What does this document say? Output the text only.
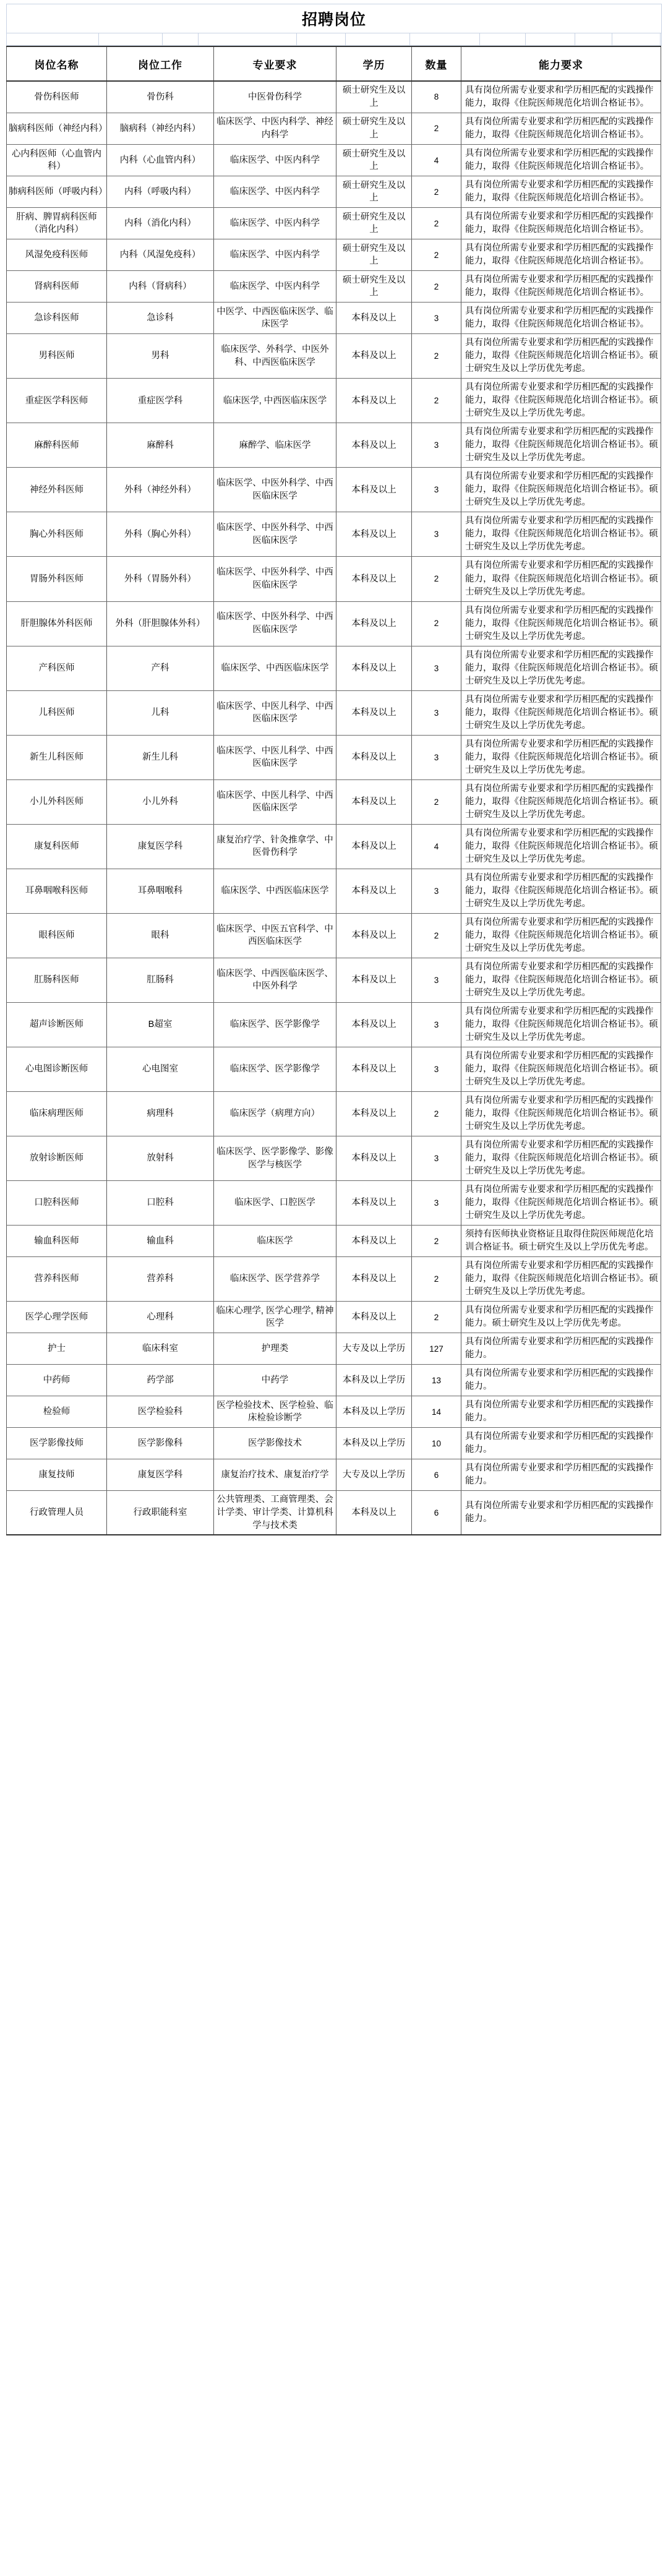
招聘岗位
岗位名称	岗位工作	专业要求	学历	数量	能力要求
骨伤科医师	骨伤科	中医骨伤科学	硕士研究生及以上	8	具有岗位所需专业要求和学历相匹配的实践操作能力，取得《住院医师规范化培训合格证书》。
脑病科医师（神经内科）	脑病科（神经内科）	临床医学、中医内科学、神经内科学	硕士研究生及以上	2	具有岗位所需专业要求和学历相匹配的实践操作能力，取得《住院医师规范化培训合格证书》。
心内科医师（心血管内科）	内科（心血管内科）	临床医学、中医内科学	硕士研究生及以上	4	具有岗位所需专业要求和学历相匹配的实践操作能力，取得《住院医师规范化培训合格证书》。
肺病科医师（呼吸内科）	内科（呼吸内科）	临床医学、中医内科学	硕士研究生及以上	2	具有岗位所需专业要求和学历相匹配的实践操作能力，取得《住院医师规范化培训合格证书》。
肝病、脾胃病科医师（消化内科）	内科（消化内科）	临床医学、中医内科学	硕士研究生及以上	2	具有岗位所需专业要求和学历相匹配的实践操作能力，取得《住院医师规范化培训合格证书》。
风湿免疫科医师	内科（风湿免疫科）	临床医学、中医内科学	硕士研究生及以上	2	具有岗位所需专业要求和学历相匹配的实践操作能力，取得《住院医师规范化培训合格证书》。
肾病科医师	内科（肾病科）	临床医学、中医内科学	硕士研究生及以上	2	具有岗位所需专业要求和学历相匹配的实践操作能力，取得《住院医师规范化培训合格证书》。
急诊科医师	急诊科	中医学、中西医临床医学、临床医学	本科及以上	3	具有岗位所需专业要求和学历相匹配的实践操作能力，取得《住院医师规范化培训合格证书》。
男科医师	男科	临床医学、外科学、中医外科、中西医临床医学	本科及以上	2	具有岗位所需专业要求和学历相匹配的实践操作能力，取得《住院医师规范化培训合格证书》。硕士研究生及以上学历优先考虑。
重症医学科医师	重症医学科	临床医学, 中西医临床医学	本科及以上	2	具有岗位所需专业要求和学历相匹配的实践操作能力，取得《住院医师规范化培训合格证书》。硕士研究生及以上学历优先考虑。
麻醉科医师	麻醉科	麻醉学、临床医学	本科及以上	3	具有岗位所需专业要求和学历相匹配的实践操作能力，取得《住院医师规范化培训合格证书》。硕士研究生及以上学历优先考虑。
神经外科医师	外科（神经外科）	临床医学、中医外科学、中西医临床医学	本科及以上	3	具有岗位所需专业要求和学历相匹配的实践操作能力，取得《住院医师规范化培训合格证书》。硕士研究生及以上学历优先考虑。
胸心外科医师	外科（胸心外科）	临床医学、中医外科学、中西医临床医学	本科及以上	3	具有岗位所需专业要求和学历相匹配的实践操作能力，取得《住院医师规范化培训合格证书》。硕士研究生及以上学历优先考虑。
胃肠外科医师	外科（胃肠外科）	临床医学、中医外科学、中西医临床医学	本科及以上	2	具有岗位所需专业要求和学历相匹配的实践操作能力，取得《住院医师规范化培训合格证书》。硕士研究生及以上学历优先考虑。
肝胆腺体外科医师	外科（肝胆腺体外科）	临床医学、中医外科学、中西医临床医学	本科及以上	2	具有岗位所需专业要求和学历相匹配的实践操作能力，取得《住院医师规范化培训合格证书》。硕士研究生及以上学历优先考虑。
产科医师	产科	临床医学、中西医临床医学	本科及以上	3	具有岗位所需专业要求和学历相匹配的实践操作能力，取得《住院医师规范化培训合格证书》。硕士研究生及以上学历优先考虑。
儿科医师	儿科	临床医学、中医儿科学、中西医临床医学	本科及以上	3	具有岗位所需专业要求和学历相匹配的实践操作能力，取得《住院医师规范化培训合格证书》。硕士研究生及以上学历优先考虑。
新生儿科医师	新生儿科	临床医学、中医儿科学、中西医临床医学	本科及以上	3	具有岗位所需专业要求和学历相匹配的实践操作能力，取得《住院医师规范化培训合格证书》。硕士研究生及以上学历优先考虑。
小儿外科医师	小儿外科	临床医学、中医儿科学、中西医临床医学	本科及以上	2	具有岗位所需专业要求和学历相匹配的实践操作能力，取得《住院医师规范化培训合格证书》。硕士研究生及以上学历优先考虑。
康复科医师	康复医学科	康复治疗学、针灸推拿学、中医骨伤科学	本科及以上	4	具有岗位所需专业要求和学历相匹配的实践操作能力，取得《住院医师规范化培训合格证书》。硕士研究生及以上学历优先考虑。
耳鼻咽喉科医师	耳鼻咽喉科	临床医学、中西医临床医学	本科及以上	3	具有岗位所需专业要求和学历相匹配的实践操作能力，取得《住院医师规范化培训合格证书》。硕士研究生及以上学历优先考虑。
眼科医师	眼科	临床医学、中医五官科学、中西医临床医学	本科及以上	2	具有岗位所需专业要求和学历相匹配的实践操作能力，取得《住院医师规范化培训合格证书》。硕士研究生及以上学历优先考虑。
肛肠科医师	肛肠科	临床医学、中西医临床医学、中医外科学	本科及以上	3	具有岗位所需专业要求和学历相匹配的实践操作能力，取得《住院医师规范化培训合格证书》。硕士研究生及以上学历优先考虑。
超声诊断医师	B超室	临床医学、医学影像学	本科及以上	3	具有岗位所需专业要求和学历相匹配的实践操作能力，取得《住院医师规范化培训合格证书》。硕士研究生及以上学历优先考虑。
心电图诊断医师	心电图室	临床医学、医学影像学	本科及以上	3	具有岗位所需专业要求和学历相匹配的实践操作能力，取得《住院医师规范化培训合格证书》。硕士研究生及以上学历优先考虑。
临床病理医师	病理科	临床医学（病理方向）	本科及以上	2	具有岗位所需专业要求和学历相匹配的实践操作能力，取得《住院医师规范化培训合格证书》。硕士研究生及以上学历优先考虑。
放射诊断医师	放射科	临床医学、医学影像学、影像医学与核医学	本科及以上	3	具有岗位所需专业要求和学历相匹配的实践操作能力，取得《住院医师规范化培训合格证书》。硕士研究生及以上学历优先考虑。
口腔科医师	口腔科	临床医学、口腔医学	本科及以上	3	具有岗位所需专业要求和学历相匹配的实践操作能力，取得《住院医师规范化培训合格证书》。硕士研究生及以上学历优先考虑。
输血科医师	输血科	临床医学	本科及以上	2	须持有医师执业资格证且取得住院医师规范化培训合格证书。硕士研究生及以上学历优先考虑。
营养科医师	营养科	临床医学、医学营养学	本科及以上	2	具有岗位所需专业要求和学历相匹配的实践操作能力，取得《住院医师规范化培训合格证书》。硕士研究生及以上学历优先考虑。
医学心理学医师	心理科	临床心理学, 医学心理学, 精神医学	本科及以上	2	具有岗位所需专业要求和学历相匹配的实践操作能力。硕士研究生及以上学历优先考虑。
护士	临床科室	护理类	大专及以上学历	127	具有岗位所需专业要求和学历相匹配的实践操作能力。
中药师	药学部	中药学	本科及以上学历	13	具有岗位所需专业要求和学历相匹配的实践操作能力。
检验师	医学检验科	医学检验技术、医学检验、临床检验诊断学	本科及以上学历	14	具有岗位所需专业要求和学历相匹配的实践操作能力。
医学影像技师	医学影像科	医学影像技术	本科及以上学历	10	具有岗位所需专业要求和学历相匹配的实践操作能力。
康复技师	康复医学科	康复治疗技术、康复治疗学	大专及以上学历	6	具有岗位所需专业要求和学历相匹配的实践操作能力。
行政管理人员	行政职能科室	公共管理类、工商管理类、会计学类、审计学类、计算机科学与技术类	本科及以上	6	具有岗位所需专业要求和学历相匹配的实践操作能力。
